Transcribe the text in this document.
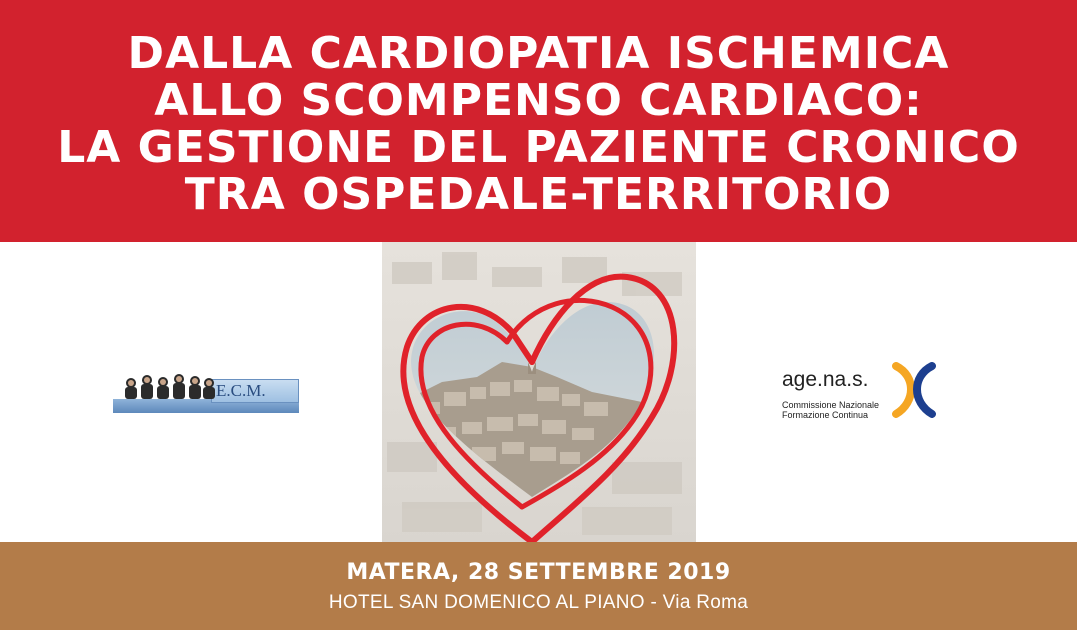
DALLA CARDIOPATIA ISCHEMICA
ALLO SCOMPENSO CARDIACO:
LA GESTIONE DEL PAZIENTE CRONICO
TRA OSPEDALE-TERRITORIO
E.C.M.	age.na.s.
Commissione Nazionale
Formazione Continua
MATERA, 28 SETTEMBRE 2019
HOTEL SAN DOMENICO AL PIANO - Via Roma
